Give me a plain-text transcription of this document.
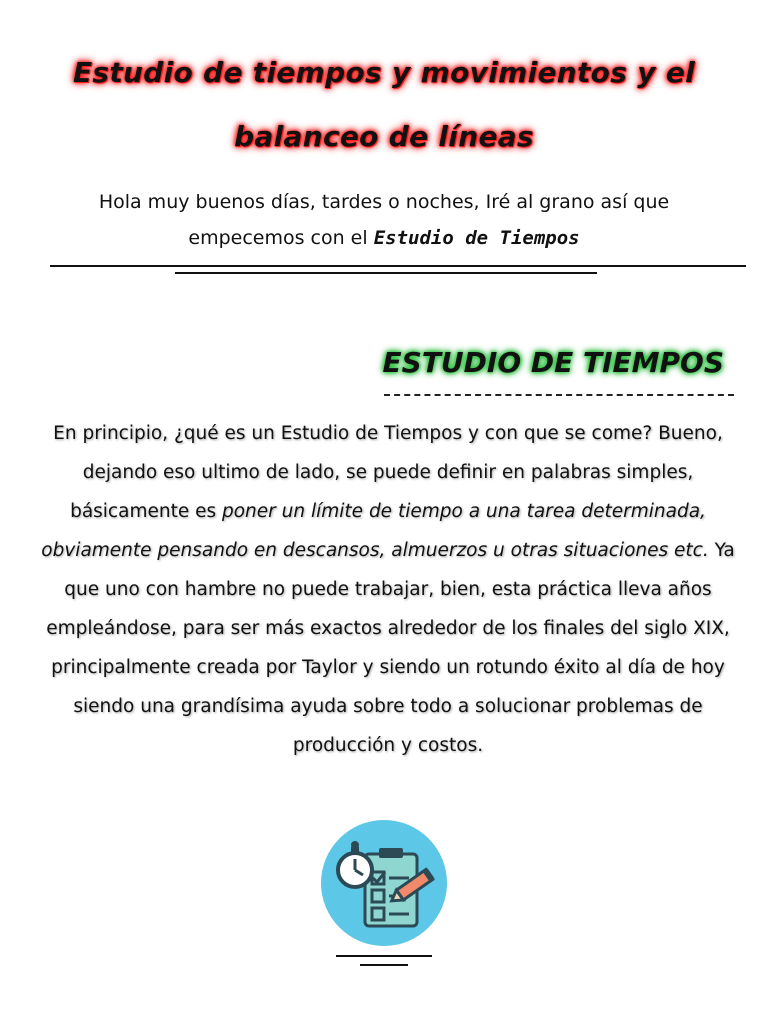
Estudio de tiempos y movimientos y el
balanceo de líneas
Hola muy buenos días, tardes o noches, Iré al grano así que empecemos con el Estudio de Tiempos
ESTUDIO DE TIEMPOS
En principio, ¿qué es un Estudio de Tiempos y con que se come? Bueno, dejando eso ultimo de lado, se puede definir en palabras simples, básicamente es poner un límite de tiempo a una tarea determinada, obviamente pensando en descansos, almuerzos u otras situaciones etc. Ya que uno con hambre no puede trabajar, bien, esta práctica lleva años empleándose, para ser más exactos alrededor de los finales del siglo XIX, principalmente creada por Taylor y siendo un rotundo éxito al día de hoy siendo una grandísima ayuda sobre todo a solucionar problemas de producción y costos.
